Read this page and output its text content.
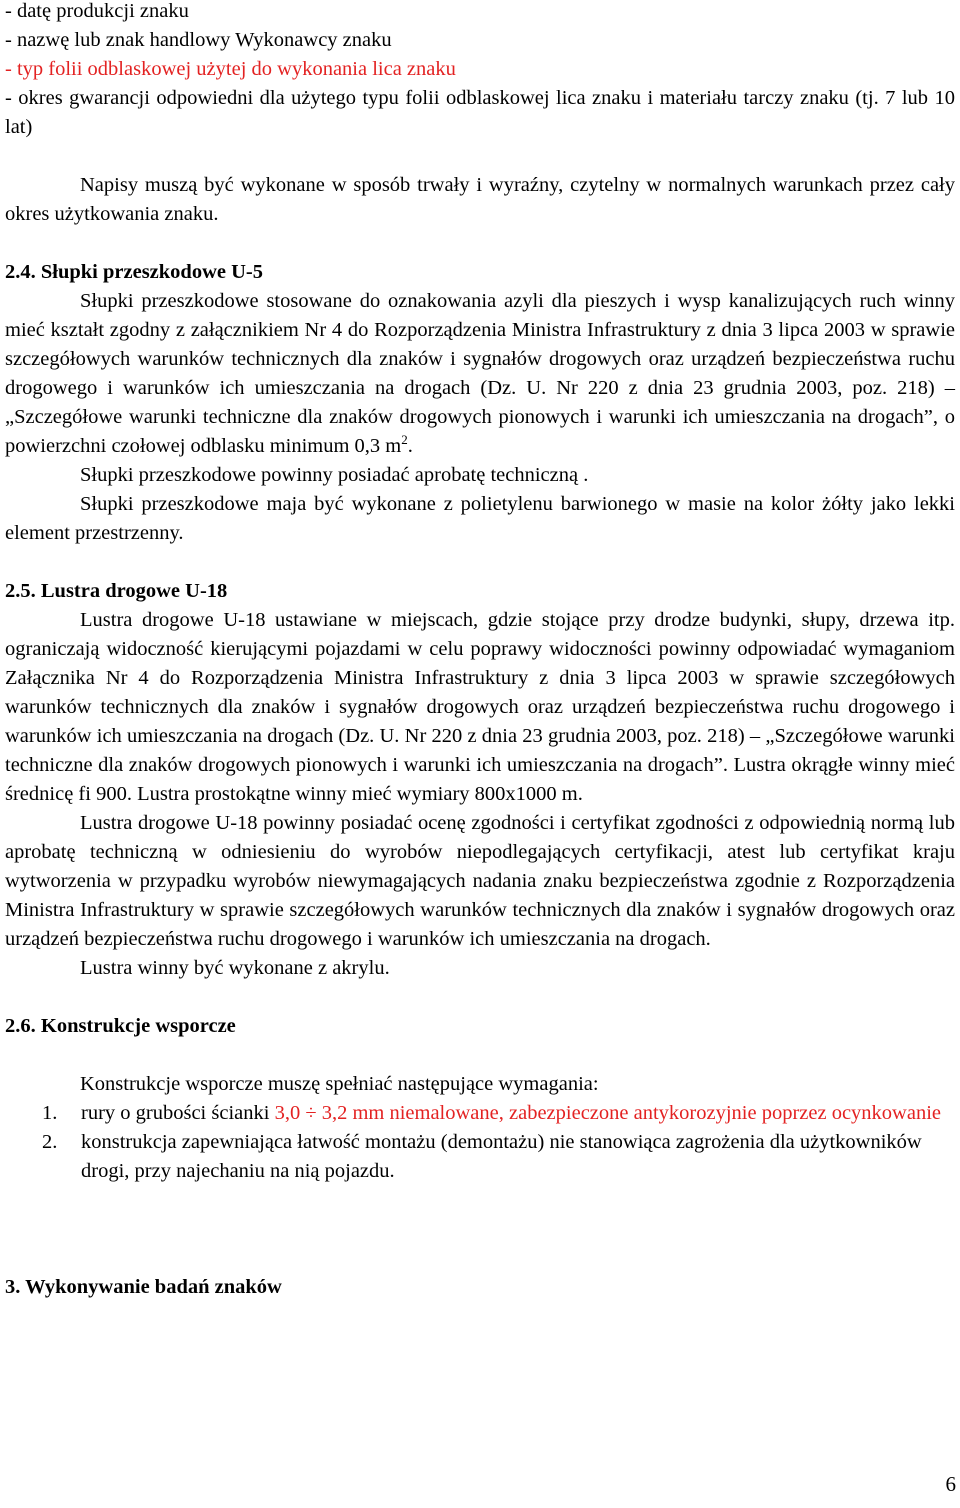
- datę produkcji znaku
- nazwę lub znak handlowy Wykonawcy znaku
- typ folii odblaskowej użytej do wykonania lica znaku
- okres gwarancji odpowiedni dla użytego typu folii odblaskowej lica znaku i materiału tarczy znaku (tj. 7 lub 10 lat)
Napisy muszą być wykonane w sposób trwały i wyraźny, czytelny w normalnych warunkach przez cały okres użytkowania znaku.
2.4. Słupki przeszkodowe U-5
Słupki przeszkodowe stosowane do oznakowania azyli dla pieszych i wysp kanalizujących ruch winny mieć kształt zgodny z załącznikiem Nr 4 do Rozporządzenia Ministra Infrastruktury z dnia 3 lipca 2003 w sprawie szczegółowych warunków technicznych dla znaków i sygnałów drogowych oraz urządzeń bezpieczeństwa ruchu drogowego i warunków ich umieszczania na drogach (Dz. U. Nr 220 z dnia 23 grudnia 2003, poz. 218) – „Szczegółowe warunki techniczne dla znaków drogowych pionowych i warunki ich umieszczania na drogach”, o powierzchni czołowej odblasku minimum 0,3 $m^2$.
Słupki przeszkodowe powinny posiadać aprobatę techniczną .
Słupki przeszkodowe maja być wykonane z polietylenu barwionego w masie na kolor żółty jako lekki element przestrzenny.
2.5. Lustra drogowe U-18
Lustra drogowe U-18 ustawiane w miejscach, gdzie stojące przy drodze budynki, słupy, drzewa itp. ograniczają widoczność kierującymi pojazdami w celu poprawy widoczności powinny odpowiadać wymaganiom Załącznika Nr 4 do Rozporządzenia Ministra Infrastruktury z dnia 3 lipca 2003 w sprawie szczegółowych warunków technicznych dla znaków i sygnałów drogowych oraz urządzeń bezpieczeństwa ruchu drogowego i warunków ich umieszczania na drogach (Dz. U. Nr 220 z dnia 23 grudnia 2003, poz. 218) – „Szczegółowe warunki techniczne dla znaków drogowych pionowych i warunki ich umieszczania na drogach”. Lustra okrągłe winny mieć średnicę fi 900. Lustra prostokątne winny mieć wymiary 800x1000 m.
Lustra drogowe U-18 powinny posiadać ocenę zgodności i certyfikat zgodności z odpowiednią normą lub aprobatę techniczną w odniesieniu do wyrobów niepodlegających certyfikacji, atest lub certyfikat kraju wytworzenia w przypadku wyrobów niewymagających nadania znaku bezpieczeństwa zgodnie z Rozporządzenia Ministra Infrastruktury w sprawie szczegółowych warunków technicznych dla znaków i sygnałów drogowych oraz urządzeń bezpieczeństwa ruchu drogowego i warunków ich umieszczania na drogach.
Lustra winny być wykonane z akrylu.
2.6. Konstrukcje wsporcze
Konstrukcje wsporcze muszę spełniać następujące wymagania:
1.	rury o grubości ścianki 3,0 ÷ 3,2 mm niemalowane, zabezpieczone antykorozyjnie poprzez ocynkowanie
2.	konstrukcja zapewniająca łatwość montażu (demontażu) nie stanowiąca zagrożenia dla użytkowników drogi, przy najechaniu na nią pojazdu.
3. Wykonywanie badań znaków
6
